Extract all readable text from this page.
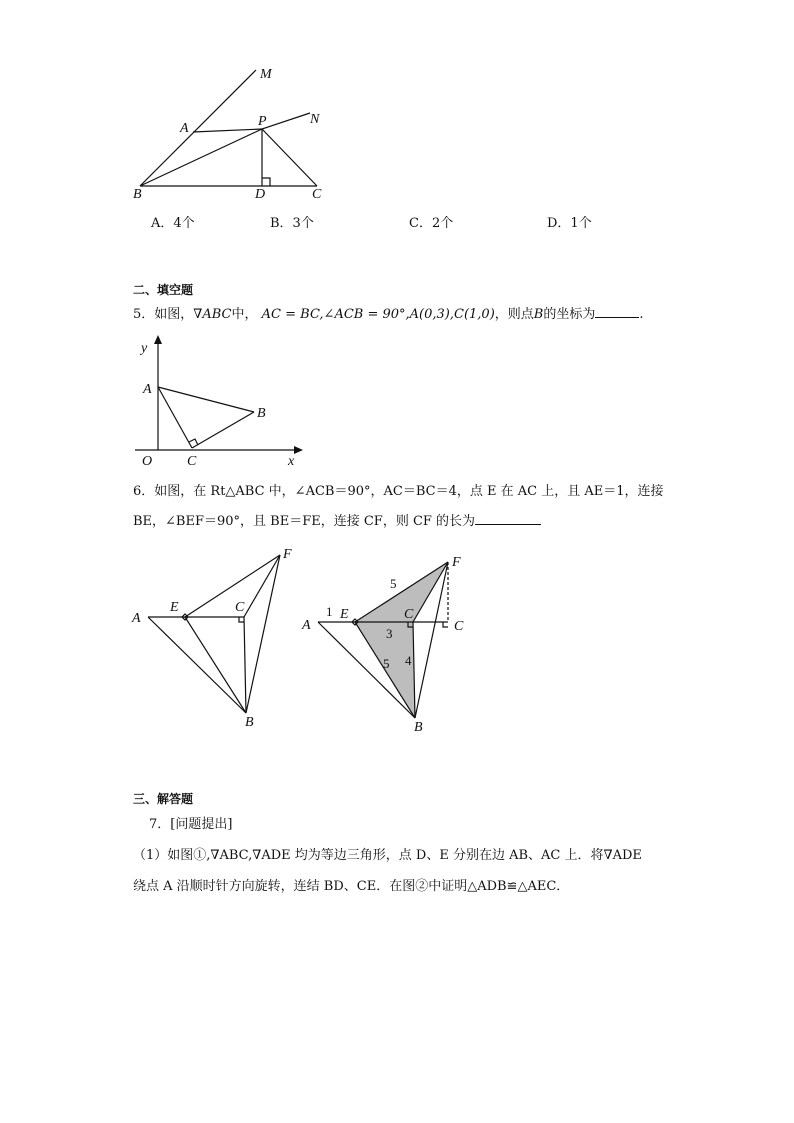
M
A	P	N
B	D	C
A．4个	B．3个	C．2个	D．1个
二、填空题
5．如图，∇ABC中， AC = BC,∠ACB = 90°,A(0,3),C(1,0)，则点B的坐标为	.
y
A
B
O C	x
6．如图，在 Rt△ABC 中，∠ACB＝90°，AC＝BC＝4，点 E 在 AC 上，且 AE＝1，连接
BE，∠BEF＝90°，且 BE＝FE，连接 CF，则 CF 的长为
F
A
E	C
B
F
A
E	C
C
B
1
5
3
4
5
三、解答题
7．[问题提出]
（1）如图①,∇ABC,∇ADE 均为等边三角形，点 D、E 分别在边 AB、AC 上．将∇ADE
绕点 A 沿顺时针方向旋转，连结 BD、CE．在图②中证明△ADB≌△AEC．
